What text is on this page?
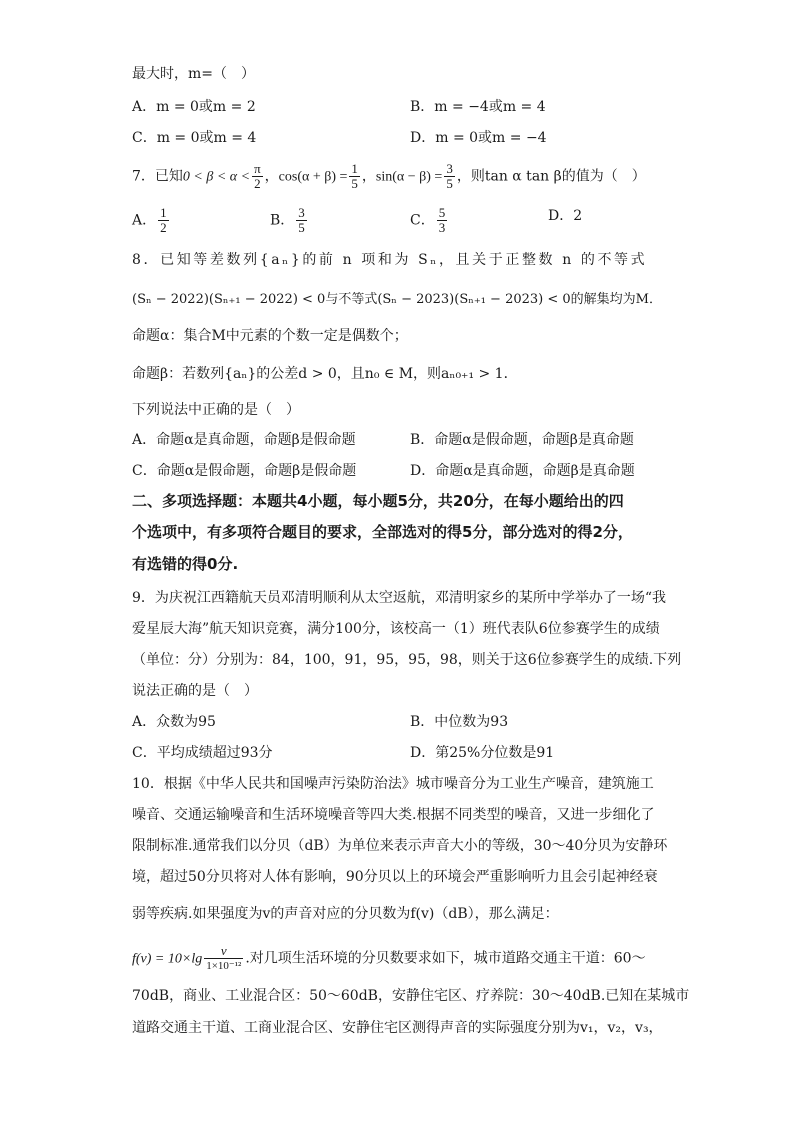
最大时，m=（　）
A．m = 0或m = 2	B．m = −4或m = 4
C．m = 0或m = 4	D．m = 0或m = −4
7．已知$0 < \beta < \alpha < \frac{\pi}{2}$ ，$\cos(\alpha + \beta) = \frac{1}{5}$ ，$\sin(\alpha - \beta) = \frac{3}{5}$ ，则tan α tan β的值为（　）
A． $\frac{1}{2}$	B． $\frac{3}{5}$	C． $\frac{5}{3}$	D．2
8．已知等差数列{aₙ}的前 n 项和为 Sₙ，且关于正整数 n 的不等式
(Sₙ − 2022)(Sₙ₊₁ − 2022) < 0与不等式(Sₙ − 2023)(Sₙ₊₁ − 2023) < 0的解集均为M．
命题α：集合M中元素的个数一定是偶数个；
命题β：若数列{aₙ}的公差d > 0，且n₀ ∈ M，则aₙ₀₊₁ > 1．
下列说法中正确的是（　）
A．命题α是真命题，命题β是假命题	B．命题α是假命题，命题β是真命题
C．命题α是假命题，命题β是假命题	D．命题α是真命题，命题β是真命题
二、多项选择题：本题共4小题，每小题5分，共20分，在每小题给出的四
个选项中，有多项符合题目的要求，全部选对的得5分，部分选对的得2分，
有选错的得0分.
9．为庆祝江西籍航天员邓清明顺利从太空返航，邓清明家乡的某所中学举办了一场“我
爱星辰大海”航天知识竞赛，满分100分，该校高一（1）班代表队6位参赛学生的成绩
（单位：分）分别为：84，100，91，95，95，98，则关于这6位参赛学生的成绩.下列
说法正确的是（　）
A．众数为95	B．中位数为93
C．平均成绩超过93分	D．第25%分位数是91
10．根据《中华人民共和国噪声污染防治法》城市噪音分为工业生产噪音，建筑施工
噪音、交通运输噪音和生活环境噪音等四大类.根据不同类型的噪音，又进一步细化了
限制标准.通常我们以分贝（dB）为单位来表示声音大小的等级，30～40分贝为安静环
境，超过50分贝将对人体有影响，90分贝以上的环境会严重影响听力且会引起神经衰
弱等疾病.如果强度为v的声音对应的分贝数为f(v)（dB），那么满足：
$f(v) = 10\times\lg \frac{v}{\text{1×10⁻¹²}}$ .对几项生活环境的分贝数要求如下，城市道路交通主干道：60～
70dB，商业、工业混合区：50～60dB，安静住宅区、疗养院：30～40dB.已知在某城市
道路交通主干道、工商业混合区、安静住宅区测得声音的实际强度分别为v₁，v₂，v₃，
